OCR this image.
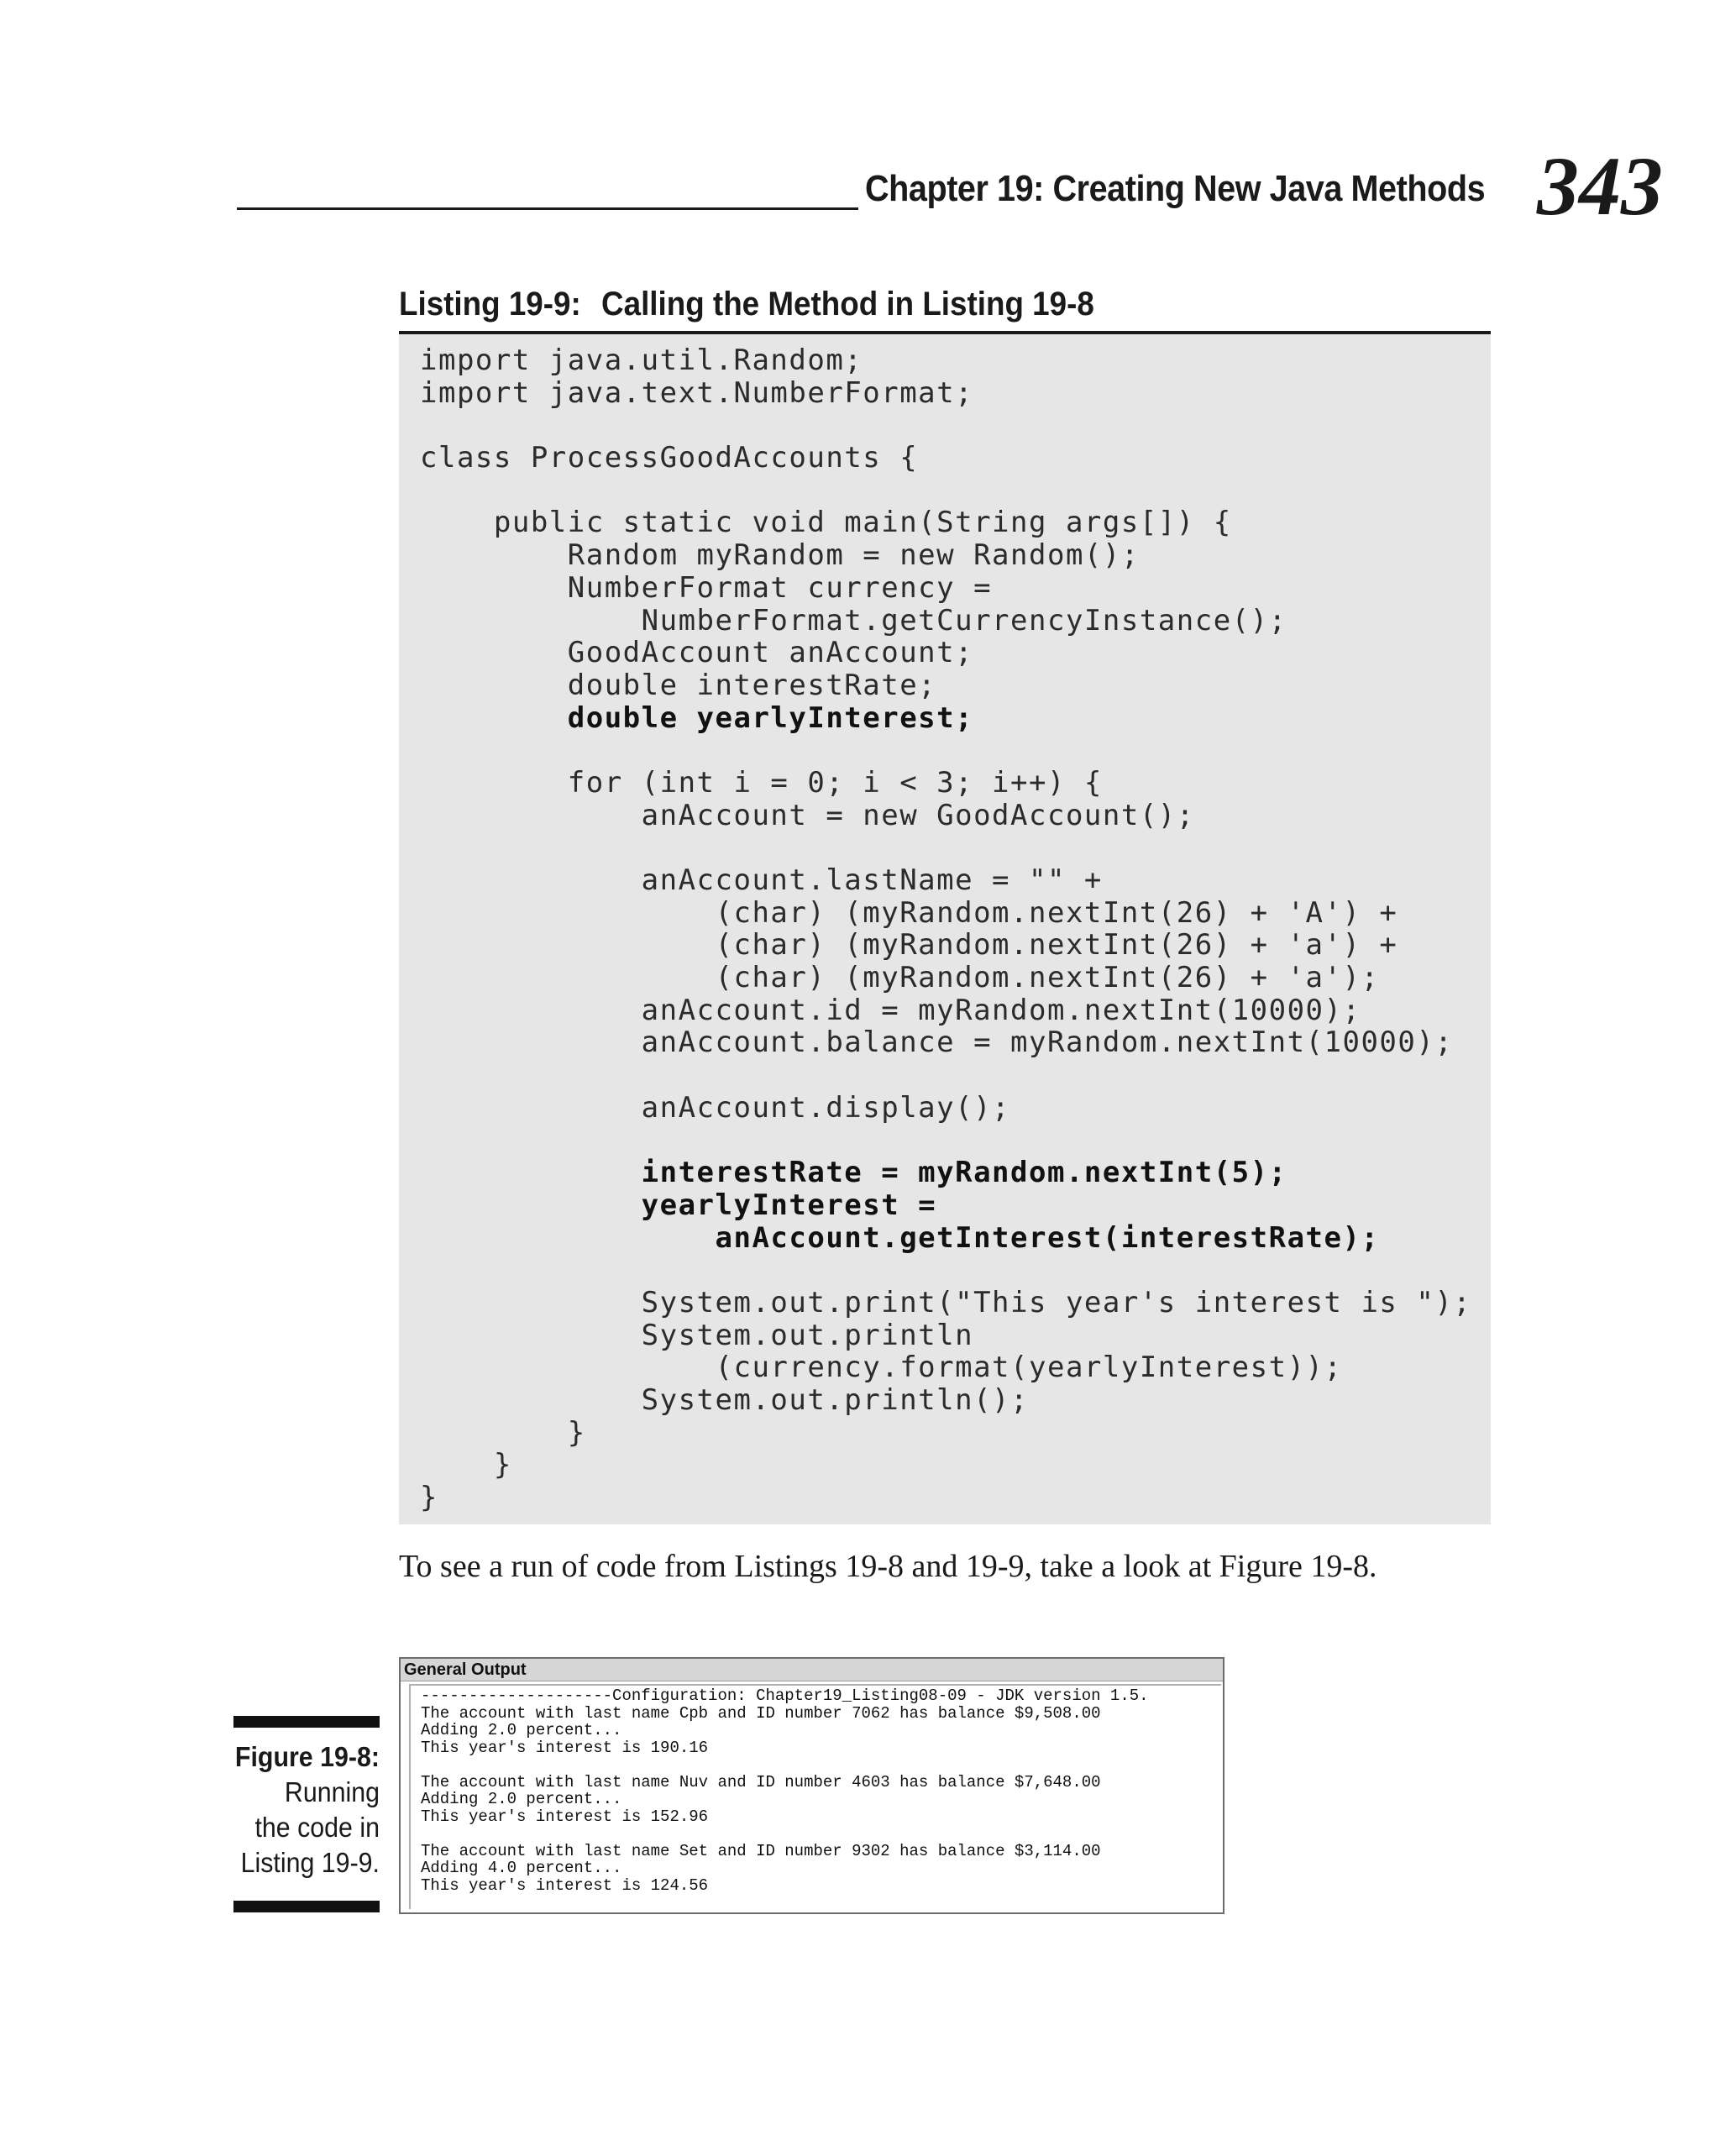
Chapter 19: Creating New Java Methods 343
Listing 19-9: Calling the Method in Listing 19-8
import java.util.Random;
import java.text.NumberFormat;
class ProcessGoodAccounts {
public static void main(String args[]) {
Random myRandom = new Random();
NumberFormat currency =
NumberFormat.getCurrencyInstance();
GoodAccount anAccount;
double interestRate;
double yearlyInterest;
for (int i = 0; i < 3; i++) {
anAccount = new GoodAccount();
anAccount.lastName = "" +
(char) (myRandom.nextInt(26) + 'A') +
(char) (myRandom.nextInt(26) + 'a') +
(char) (myRandom.nextInt(26) + 'a');
anAccount.id = myRandom.nextInt(10000);
anAccount.balance = myRandom.nextInt(10000);
anAccount.display();
interestRate = myRandom.nextInt(5);
yearlyInterest =
anAccount.getInterest(interestRate);
System.out.print("This year's interest is ");
System.out.println
(currency.format(yearlyInterest));
System.out.println();
}
}
}
To see a run of code from Listings 19-8 and 19-9, take a look at Figure 19-8.
Figure 19-8:
Running
the code in
Listing 19-9.
General Output
--------------------Configuration: Chapter19_Listing08-09 - JDK version 1.5.
The account with last name Cpb and ID number 7062 has balance $9,508.00
Adding 2.0 percent...
This year's interest is 190.16
The account with last name Nuv and ID number 4603 has balance $7,648.00
Adding 2.0 percent...
This year's interest is 152.96
The account with last name Set and ID number 9302 has balance $3,114.00
Adding 4.0 percent...
This year's interest is 124.56
